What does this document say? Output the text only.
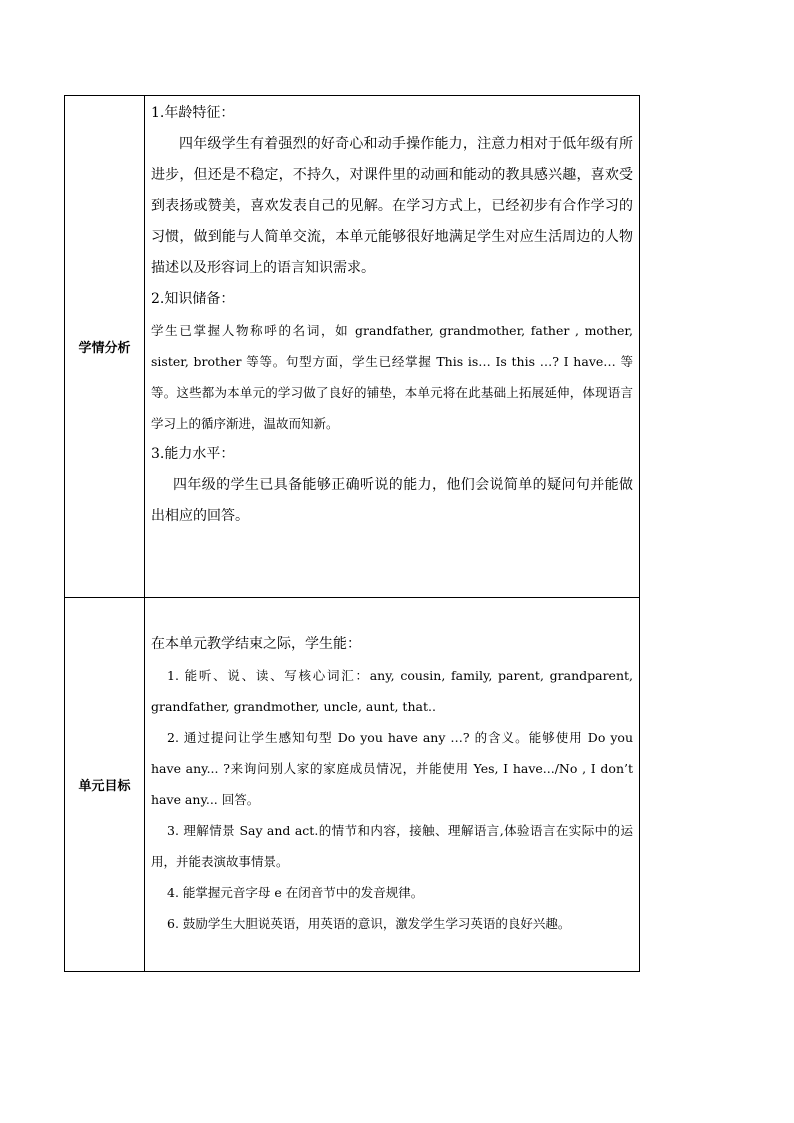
学情分析

1.年龄特征：

四年级学生有着强烈的好奇心和动手操作能力，注意力相对于低年级有所进步，但还是不稳定，不持久，对课件里的动画和能动的教具感兴趣，喜欢受到表扬或赞美，喜欢发表自己的见解。在学习方式上，已经初步有合作学习的习惯，做到能与人简单交流，本单元能够很好地满足学生对应生活周边的人物描述以及形容词上的语言知识需求。

2.知识储备：

学生已掌握人物称呼的名词，如 grandfather, grandmother, father , mother, sister, brother 等等。句型方面，学生已经掌握 This is… Is this …? I have… 等等。这些都为本单元的学习做了良好的铺垫，本单元将在此基础上拓展延伸，体现语言学习上的循序渐进，温故而知新。

3.能力水平：

四年级的学生已具备能够正确听说的能力，他们会说简单的疑问句并能做出相应的回答。

单元目标

在本单元教学结束之际，学生能：

1. 能听、说、读、写核心词汇：any, cousin, family, parent, grandparent, grandfather, grandmother, uncle, aunt, that..

2. 通过提问让学生感知句型 Do you have any …? 的含义。能够使用 Do you have any... ?来询问别人家的家庭成员情况，并能使用 Yes, I have.../No , I don’t have any... 回答。

3. 理解情景 Say and act.的情节和内容，接触、理解语言,体验语言在实际中的运用，并能表演故事情景。

4. 能掌握元音字母 e 在闭音节中的发音规律。

6. 鼓励学生大胆说英语，用英语的意识，激发学生学习英语的良好兴趣。
